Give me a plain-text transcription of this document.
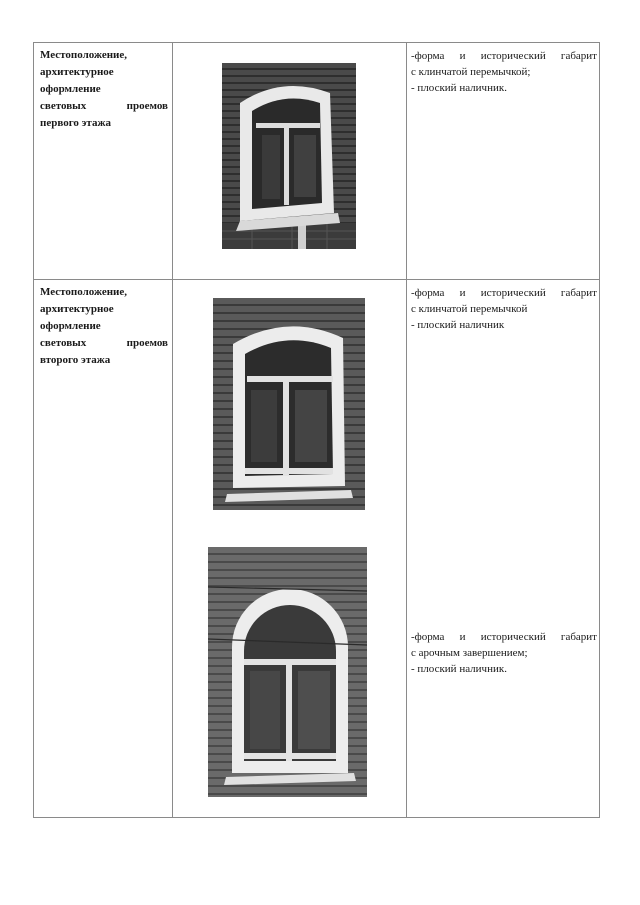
Местоположение,

архитектурное

оформление

световых проемов

первого этажа

-форма и исторический габарит

с клинчатой перемычкой;

- плоский наличник.

Местоположение,

архитектурное

оформление

световых проемов

второго этажа

-форма и исторический габарит

с клинчатой перемычкой

- плоский наличник

-форма и исторический габарит

с арочным завершением;

- плоский наличник.
